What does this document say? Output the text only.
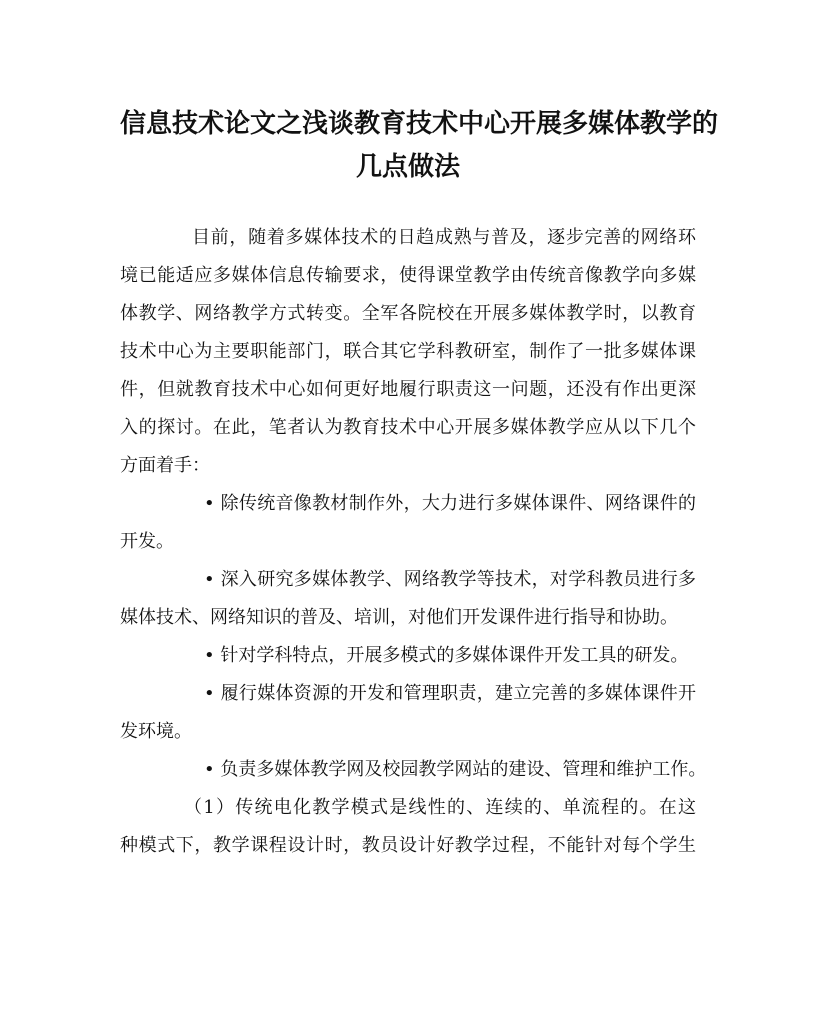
信息技术论文之浅谈教育技术中心开展多媒体教学的
几点做法
目前，随着多媒体技术的日趋成熟与普及，逐步完善的网络环
境已能适应多媒体信息传输要求，使得课堂教学由传统音像教学向多媒
体教学、网络教学方式转变。全军各院校在开展多媒体教学时，以教育
技术中心为主要职能部门，联合其它学科教研室，制作了一批多媒体课
件，但就教育技术中心如何更好地履行职责这一问题，还没有作出更深
入的探讨。在此，笔者认为教育技术中心开展多媒体教学应从以下几个
方面着手：
• 除传统音像教材制作外，大力进行多媒体课件、网络课件的
开发。
• 深入研究多媒体教学、网络教学等技术，对学科教员进行多
媒体技术、网络知识的普及、培训，对他们开发课件进行指导和协助。
• 针对学科特点，开展多模式的多媒体课件开发工具的研发。
• 履行媒体资源的开发和管理职责，建立完善的多媒体课件开
发环境。
• 负责多媒体教学网及校园教学网站的建设、管理和维护工作。
（1）传统电化教学模式是线性的、连续的、单流程的。在这
种模式下，教学课程设计时，教员设计好教学过程，不能针对每个学生
